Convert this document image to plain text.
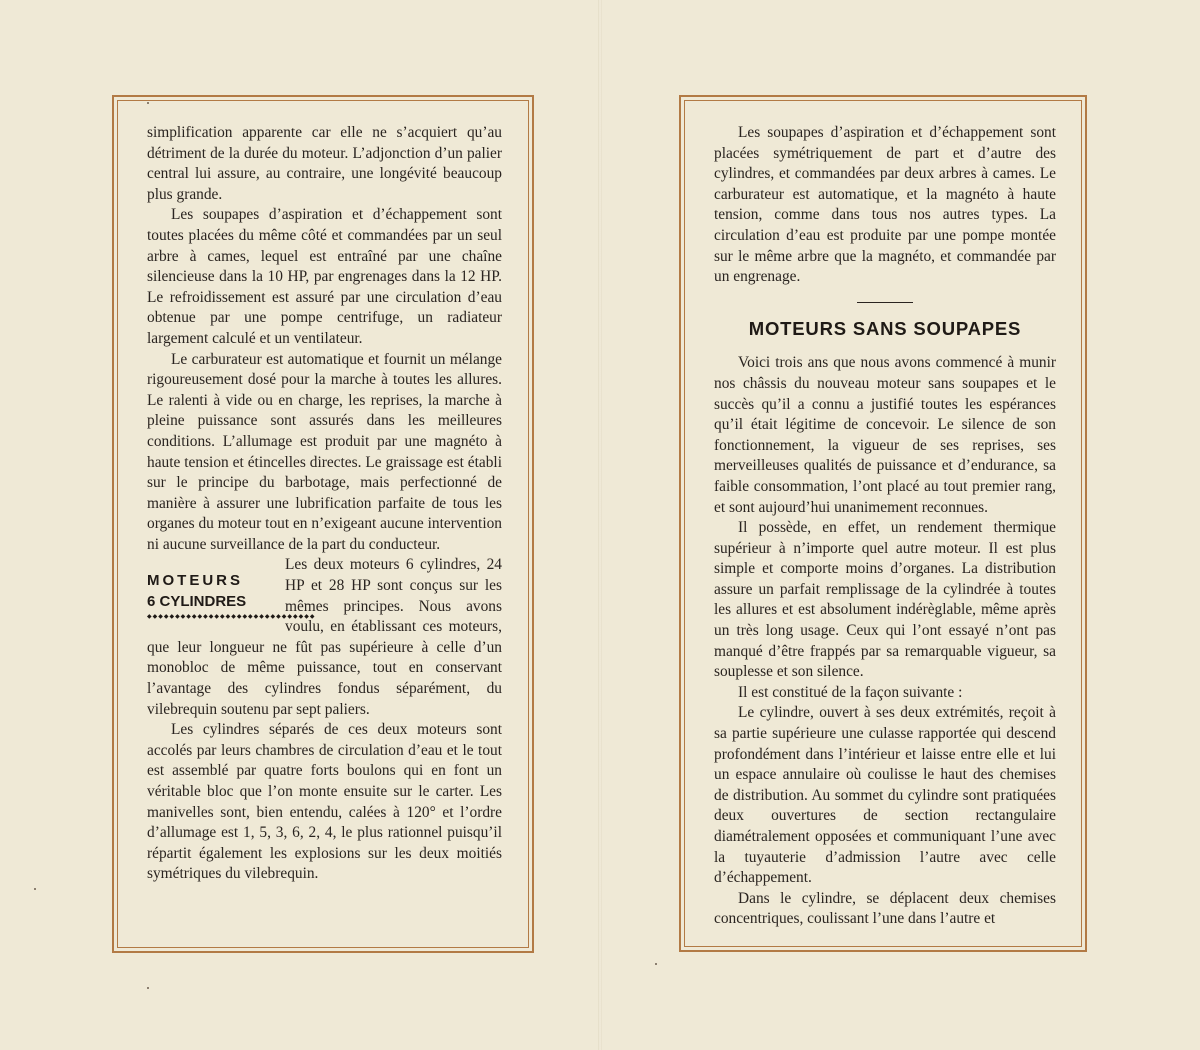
simplification apparente car elle ne s’acquiert qu’au détriment de la durée du moteur. L’adjonction d’un palier central lui assure, au contraire, une longévité beaucoup plus grande.

Les soupapes d’aspiration et d’échappement sont toutes placées du même côté et commandées par un seul arbre à cames, lequel est entraîné par une chaîne silencieuse dans la 10 HP, par engrenages dans la 12 HP. Le refroidissement est assuré par une circulation d’eau obtenue par une pompe centrifuge, un radiateur largement calculé et un ventilateur.

Le carburateur est automatique et fournit un mélange rigoureusement dosé pour la marche à toutes les allures. Le ralenti à vide ou en charge, les reprises, la marche à pleine puissance sont assurés dans les meilleures conditions. L’allumage est produit par une magnéto à haute tension et étincelles directes. Le graissage est établi sur le principe du barbotage, mais perfectionné de manière à assurer une lubrification parfaite de tous les organes du moteur tout en n’exigeant aucune intervention ni aucune surveillance de la part du conducteur.

MOTEURS
6 CYLINDRES
◆◆◆◆◆◆◆◆◆◆◆◆◆◆◆◆◆◆◆◆◆◆◆◆◆◆◆◆◆◆

Les deux moteurs 6 cylindres, 24 HP et 28 HP sont conçus sur les mêmes principes. Nous avons voulu, en établissant ces moteurs, que leur longueur ne fût pas supérieure à celle d’un monobloc de même puissance, tout en conservant l’avantage des cylindres fondus séparément, du vilebrequin soutenu par sept paliers.

Les cylindres séparés de ces deux moteurs sont accolés par leurs chambres de circulation d’eau et le tout est assemblé par quatre forts boulons qui en font un véritable bloc que l’on monte ensuite sur le carter. Les manivelles sont, bien entendu, calées à 120° et l’ordre d’allumage est 1, 5, 3, 6, 2, 4, le plus rationnel puisqu’il répartit également les explosions sur les deux moitiés symétriques du vilebrequin.

Les soupapes d’aspiration et d’échappement sont placées symétriquement de part et d’autre des cylindres, et commandées par deux arbres à cames. Le carburateur est automatique, et la magnéto à haute tension, comme dans tous nos autres types. La circulation d’eau est produite par une pompe montée sur le même arbre que la magnéto, et commandée par un engrenage.

MOTEURS SANS SOUPAPES

Voici trois ans que nous avons commencé à munir nos châssis du nouveau moteur sans soupapes et le succès qu’il a connu a justifié toutes les espérances qu’il était légitime de concevoir. Le silence de son fonctionnement, la vigueur de ses reprises, ses merveilleuses qualités de puissance et d’endurance, sa faible consommation, l’ont placé au tout premier rang, et sont aujourd’hui unanimement reconnues.

Il possède, en effet, un rendement thermique supérieur à n’importe quel autre moteur. Il est plus simple et comporte moins d’organes. La distribution assure un parfait remplissage de la cylindrée à toutes les allures et est absolument indérèglable, même après un très long usage. Ceux qui l’ont essayé n’ont pas manqué d’être frappés par sa remarquable vigueur, sa souplesse et son silence.

Il est constitué de la façon suivante :

Le cylindre, ouvert à ses deux extrémités, reçoit à sa partie supérieure une culasse rapportée qui descend profondément dans l’intérieur et laisse entre elle et lui un espace annulaire où coulisse le haut des chemises de distribution. Au sommet du cylindre sont pratiquées deux ouvertures de section rectangulaire diamétralement opposées et communiquant l’une avec la tuyauterie d’admission l’autre avec celle d’échappement.

Dans le cylindre, se déplacent deux chemises concentriques, coulissant l’une dans l’autre et
